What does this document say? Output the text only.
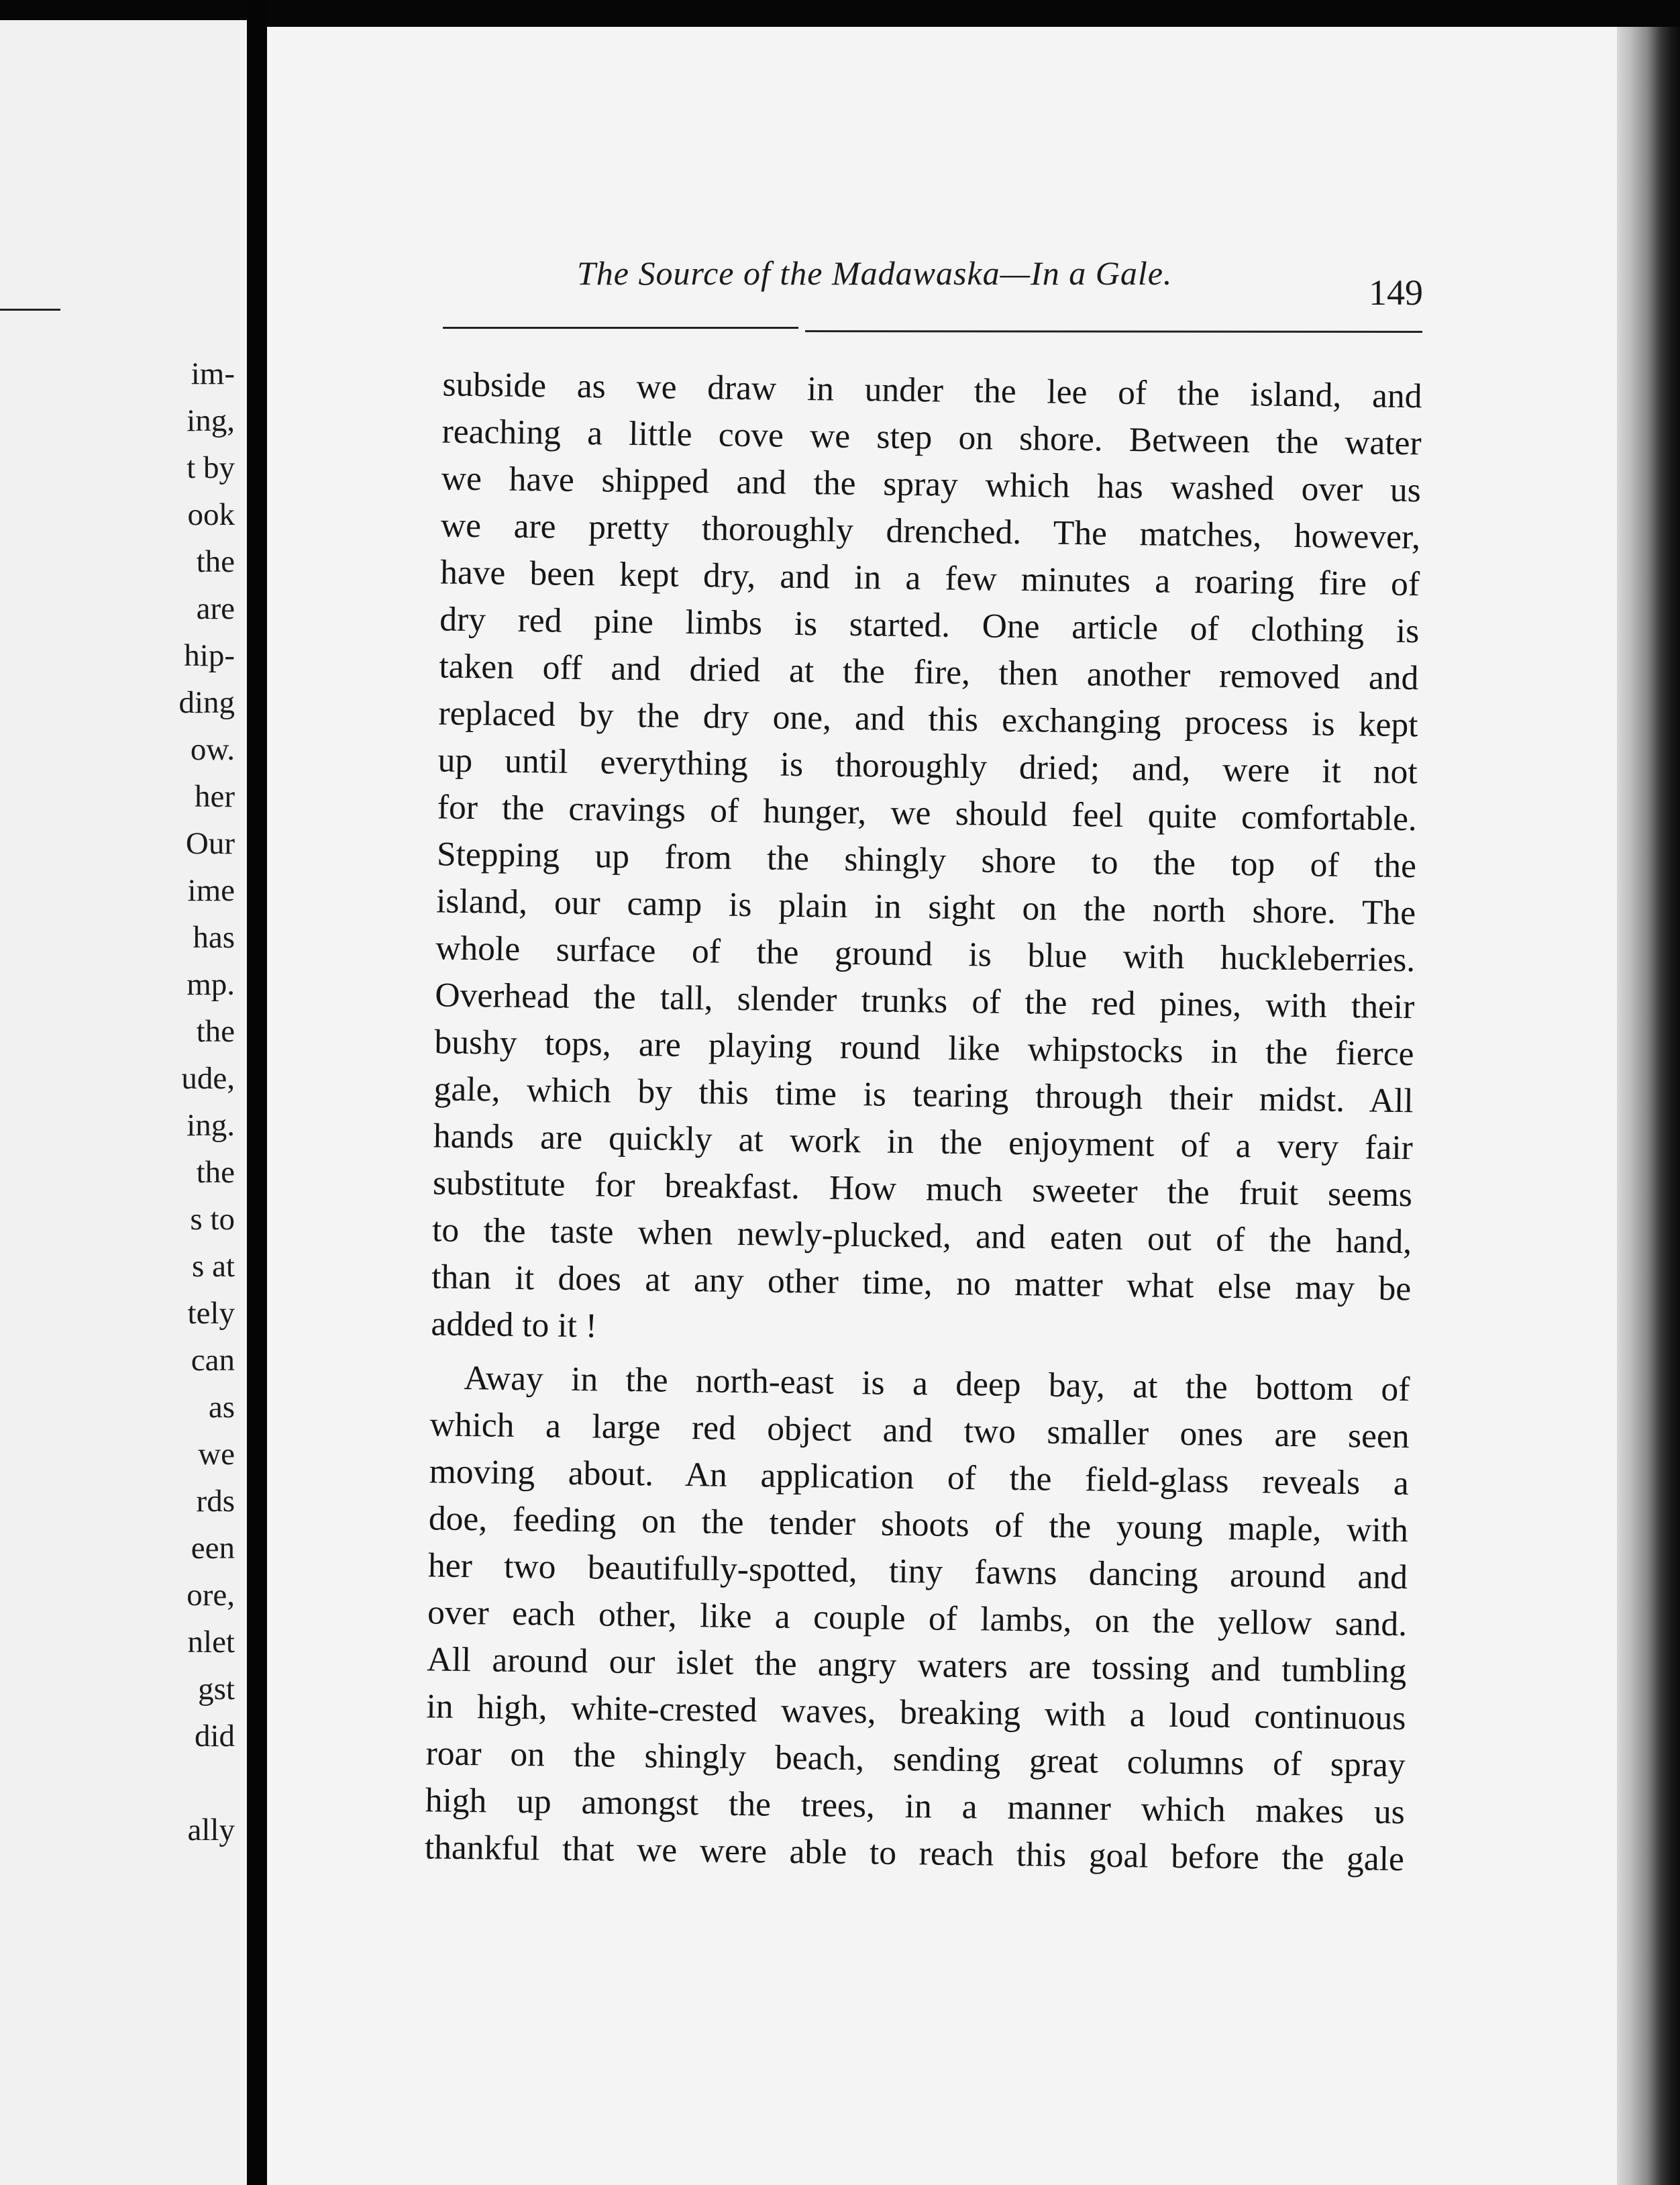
im-
ing,
t by
ook
the
are
hip-
ding
ow.
her
Our
ime
has
mp.
the
ude,
ing.
the
s to
s at
tely
can
as
we
rds
een
ore,
nlet
gst
did
ally
The Source of the Madawaska—In a Gale.	149
subside as we draw in under the lee of the island, and
reaching a little cove we step on shore. Between the water
we have shipped and the spray which has washed over us
we are pretty thoroughly drenched. The matches, however,
have been kept dry, and in a few minutes a roaring fire of
dry red pine limbs is started. One article of clothing is
taken off and dried at the fire, then another removed and
replaced by the dry one, and this exchanging process is kept
up until everything is thoroughly dried; and, were it not
for the cravings of hunger, we should feel quite comfortable.
Stepping up from the shingly shore to the top of the
island, our camp is plain in sight on the north shore. The
whole surface of the ground is blue with huckleberries.
Overhead the tall, slender trunks of the red pines, with their
bushy tops, are playing round like whipstocks in the fierce
gale, which by this time is tearing through their midst. All
hands are quickly at work in the enjoyment of a very fair
substitute for breakfast. How much sweeter the fruit seems
to the taste when newly-plucked, and eaten out of the hand,
than it does at any other time, no matter what else may be
added to it !
Away in the north-east is a deep bay, at the bottom of
which a large red object and two smaller ones are seen
moving about. An application of the field-glass reveals a
doe, feeding on the tender shoots of the young maple, with
her two beautifully-spotted, tiny fawns dancing around and
over each other, like a couple of lambs, on the yellow sand.
All around our islet the angry waters are tossing and tumbling
in high, white-crested waves, breaking with a loud continuous
roar on the shingly beach, sending great columns of spray
high up amongst the trees, in a manner which makes us
thankful that we were able to reach this goal before the gale
